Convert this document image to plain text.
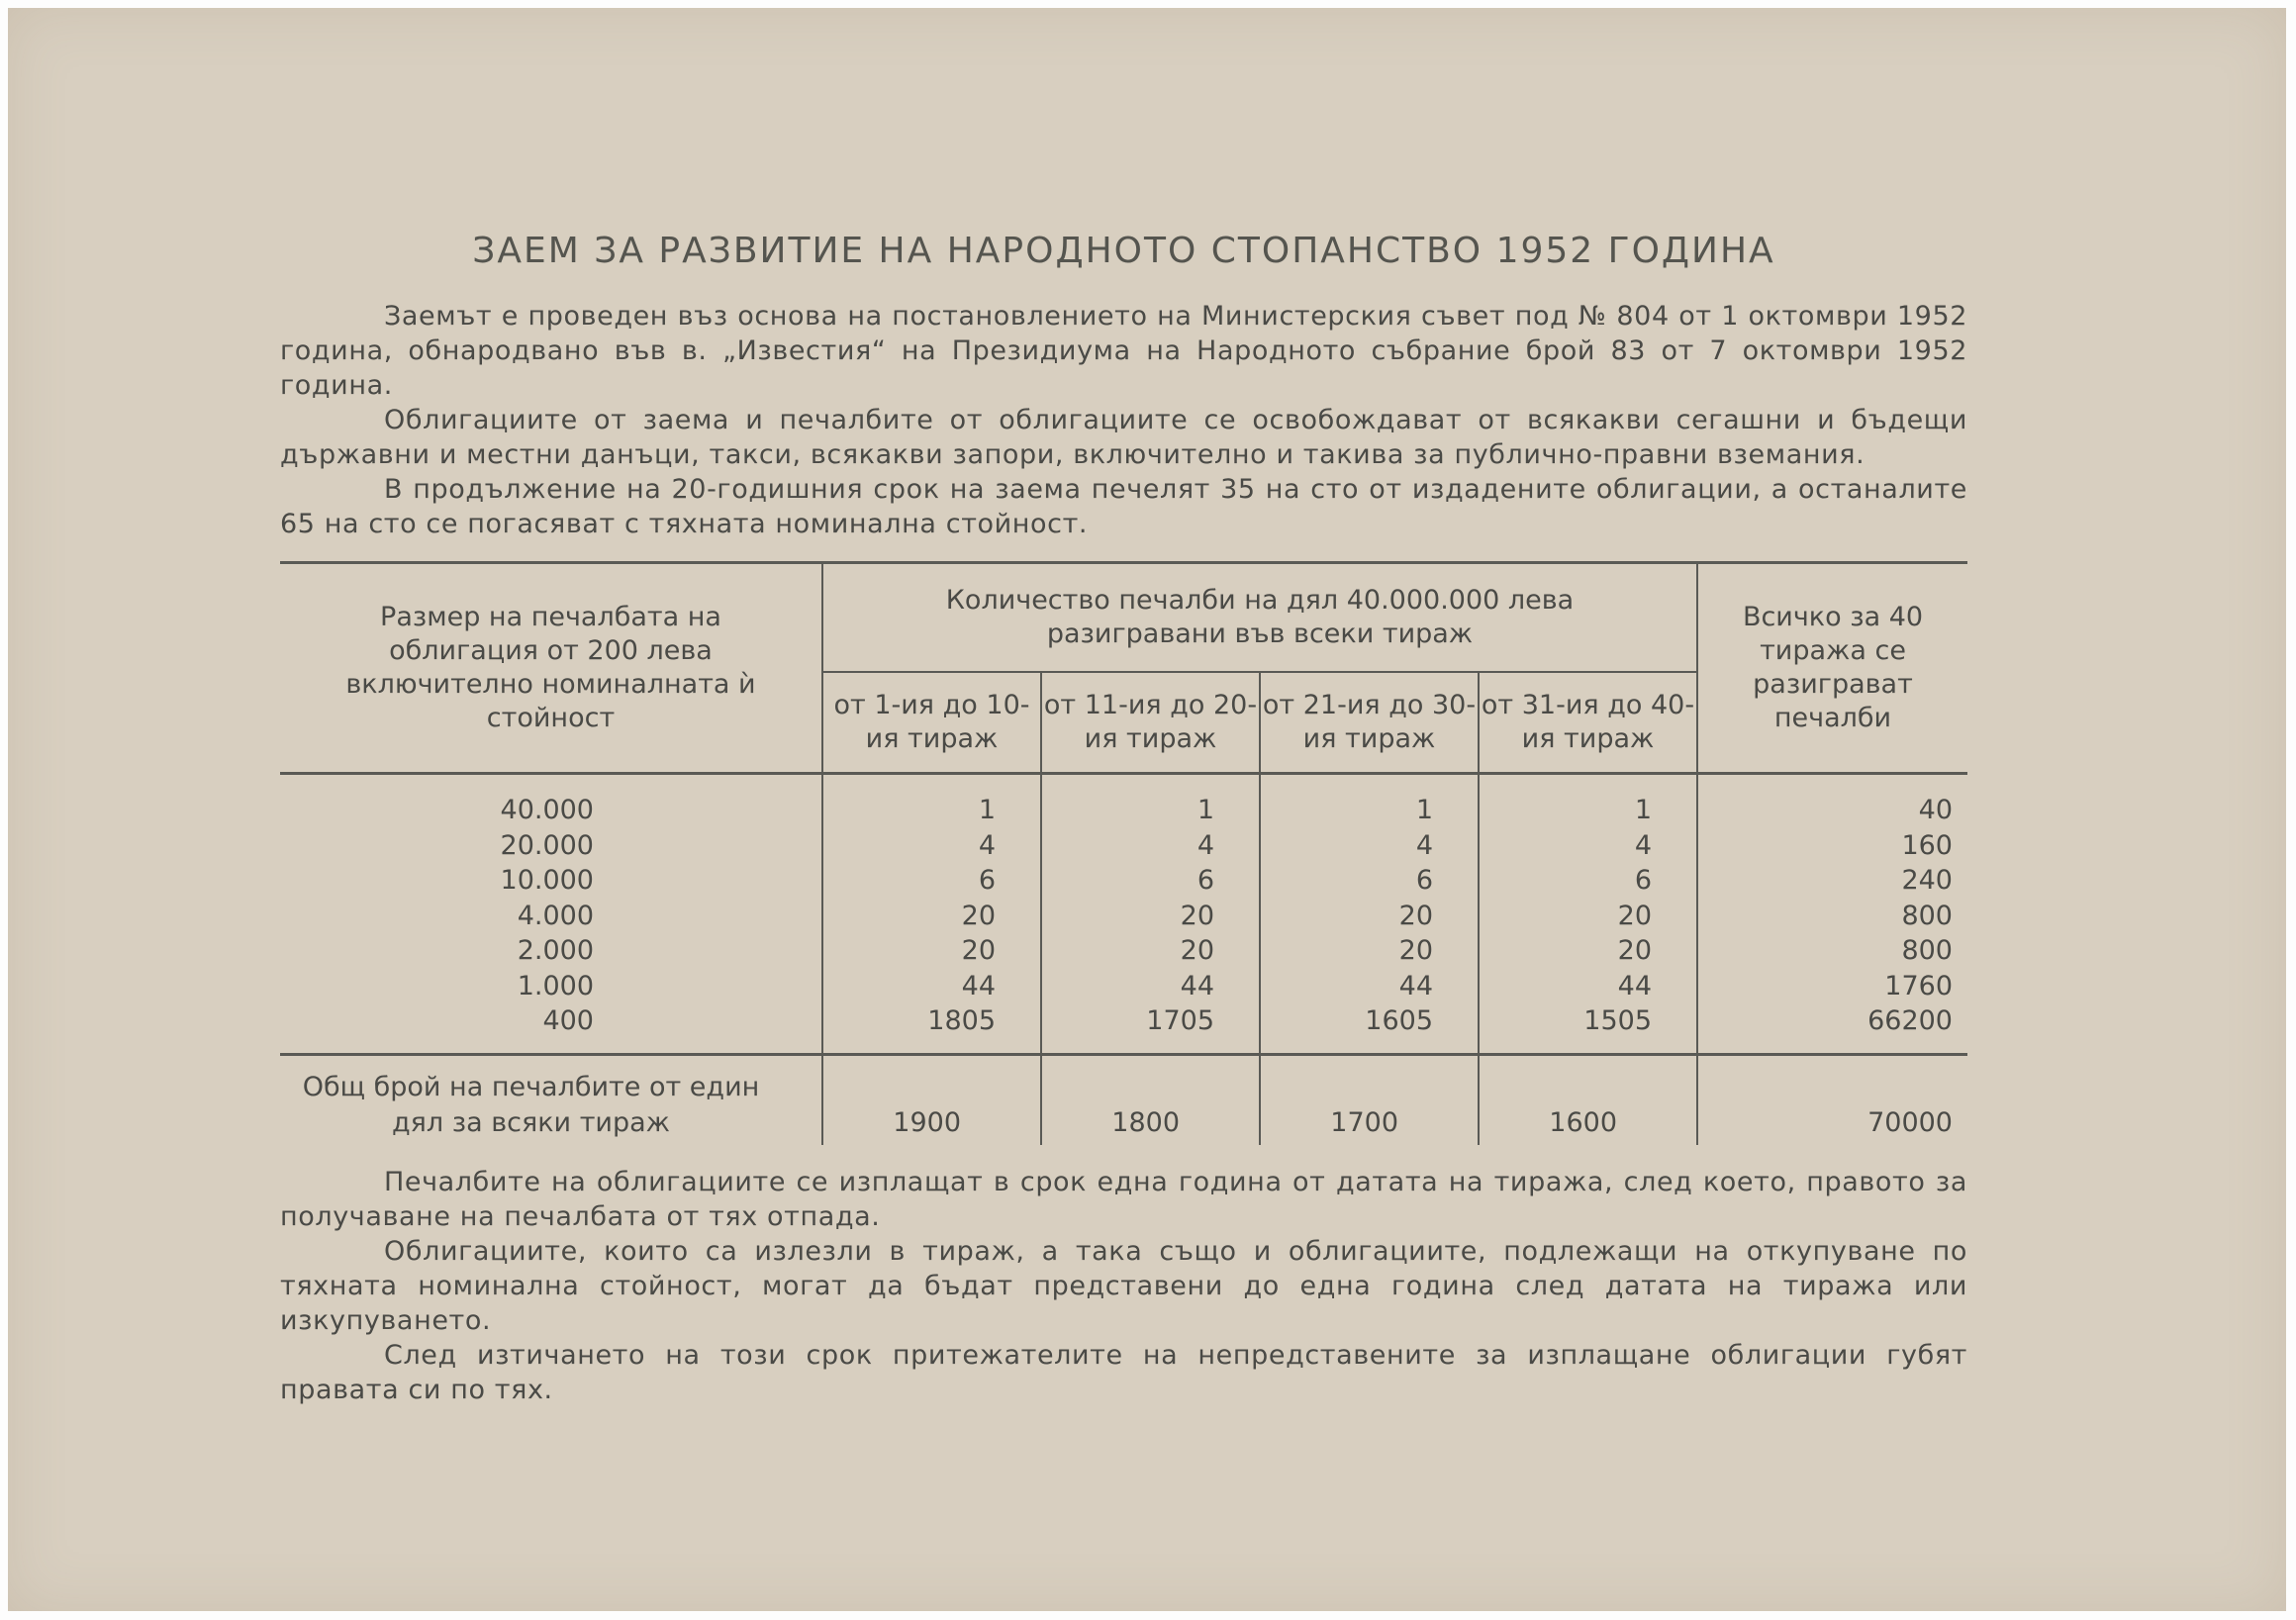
ЗАЕМ ЗА РАЗВИТИЕ НА НАРОДНОТО СТОПАНСТВО 1952 ГОДИНА

Заемът е проведен въз основа на постановлението на Министерския съвет под № 804 от 1 октомври 1952 година, обнародвано във в. „Известия“ на Президиума на Народното събрание брой 83 от 7 октомври 1952 година.

Облигациите от заема и печалбите от облигациите се освобождават от всякакви сегашни и бъдещи държавни и местни данъци, такси, всякакви запори, включително и такива за публично-правни вземания.

В продължение на 20-годишния срок на заема печелят 35 на сто от издадените облигации, а останалите 65 на сто се погасяват с тяхната номинална стойност.

Размер на печалбата на облигация от 200 лева включително номиналната ѝ стойност	Количество печалби на дял 40.000.000 лева разигравани във всеки тираж				Всичко за 40 тиража се разиграват печалби
	от 1-ия до 10-ия тираж	от 11-ия до 20-ия тираж	от 21-ия до 30-ия тираж	от 31-ия до 40-ия тираж	
40.000	1	1	1	1	40
20.000	4	4	4	4	160
10.000	6	6	6	6	240
4.000	20	20	20	20	800
2.000	20	20	20	20	800
1.000	44	44	44	44	1760
400	1805	1705	1605	1505	66200
Общ брой на печалбите от един дял за всяки тираж	1900	1800	1700	1600	70000

Печалбите на облигациите се изплащат в срок една година от датата на тиража, след което, правото за получаване на печалбата от тях отпада.

Облигациите, които са излезли в тираж, а така също и облигациите, подлежащи на откупуване по тяхната номинална стойност, могат да бъдат представени до една година след датата на тиража или изкупуването.

След изтичането на този срок притежателите на непредставените за изплащане облигации губят правата си по тях.
